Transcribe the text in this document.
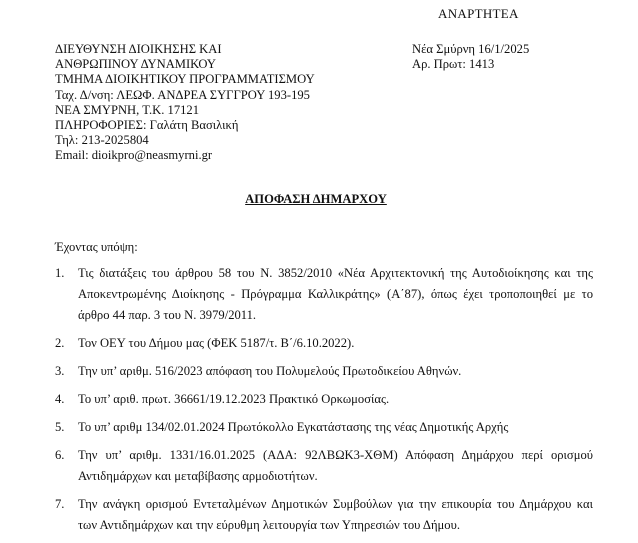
ΑΝΑΡΤΗΤΕΑ
ΔΙΕΥΘΥΝΣΗ ΔΙΟΙΚΗΣΗΣ ΚΑΙ
ΑΝΘΡΩΠΙΝΟΥ ΔΥΝΑΜΙΚΟΥ
ΤΜΗΜΑ ΔΙΟΙΚΗΤΙΚΟΥ ΠΡΟΓΡΑΜΜΑΤΙΣΜΟΥ
Ταχ. Δ/νση: ΛΕΩΦ. ΑΝΔΡΕΑ ΣΥΓΓΡΟΥ 193-195
ΝΕΑ ΣΜΥΡΝΗ, Τ.Κ. 17121
ΠΛΗΡΟΦΟΡΙΕΣ: Γαλάτη Βασιλική
Τηλ: 213-2025804
Email: dioikpro@neasmyrni.gr
Νέα Σμύρνη 16/1/2025
Αρ. Πρωτ: 1413
ΑΠΟΦΑΣΗ ΔΗΜΑΡΧΟΥ
Έχοντας υπόψη:
1. Τις διατάξεις του άρθρου 58 του Ν. 3852/2010 «Νέα Αρχιτεκτονική της Αυτοδιοίκησης και της
Αποκεντρωμένης Διοίκησης - Πρόγραμμα Καλλικράτης» (Α΄87), όπως έχει τροποποιηθεί με το
άρθρο 44 παρ. 3 του Ν. 3979/2011.
2. Τον ΟΕΥ του Δήμου μας (ΦΕΚ 5187/τ. Β΄/6.10.2022).
3. Την υπ’ αριθμ. 516/2023 απόφαση του Πολυμελούς Πρωτοδικείου Αθηνών.
4. Το υπ’ αριθ. πρωτ. 36661/19.12.2023 Πρακτικό Ορκωμοσίας.
5. Το υπ’ αριθμ 134/02.01.2024 Πρωτόκολλο Εγκατάστασης της νέας Δημοτικής Αρχής
6. Την υπ’ αριθμ. 1331/16.01.2025 (ΑΔΑ: 92ΛΒΩΚ3-ΧΘΜ) Απόφαση Δημάρχου περί ορισμού
Αντιδημάρχων και μεταβίβασης αρμοδιοτήτων.
7. Την ανάγκη ορισμού Εντεταλμένων Δημοτικών Συμβούλων για την επικουρία του Δημάρχου και
των Αντιδημάρχων και την εύρυθμη λειτουργία των Υπηρεσιών του Δήμου.
